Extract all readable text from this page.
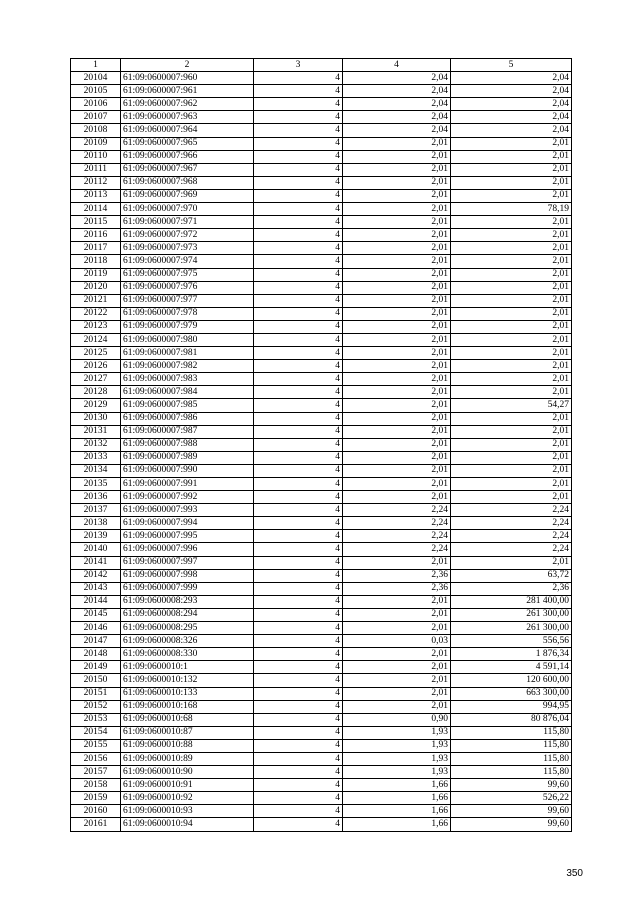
1	2	3	4	5
20104	61:09:0600007:960	4	2,04	2,04
20105	61:09:0600007:961	4	2,04	2,04
20106	61:09:0600007:962	4	2,04	2,04
20107	61:09:0600007:963	4	2,04	2,04
20108	61:09:0600007:964	4	2,04	2,04
20109	61:09:0600007:965	4	2,01	2,01
20110	61:09:0600007:966	4	2,01	2,01
20111	61:09:0600007:967	4	2,01	2,01
20112	61:09:0600007:968	4	2,01	2,01
20113	61:09:0600007:969	4	2,01	2,01
20114	61:09:0600007:970	4	2,01	78,19
20115	61:09:0600007:971	4	2,01	2,01
20116	61:09:0600007:972	4	2,01	2,01
20117	61:09:0600007:973	4	2,01	2,01
20118	61:09:0600007:974	4	2,01	2,01
20119	61:09:0600007:975	4	2,01	2,01
20120	61:09:0600007:976	4	2,01	2,01
20121	61:09:0600007:977	4	2,01	2,01
20122	61:09:0600007:978	4	2,01	2,01
20123	61:09:0600007:979	4	2,01	2,01
20124	61:09:0600007:980	4	2,01	2,01
20125	61:09:0600007:981	4	2,01	2,01
20126	61:09:0600007:982	4	2,01	2,01
20127	61:09:0600007:983	4	2,01	2,01
20128	61:09:0600007:984	4	2,01	2,01
20129	61:09:0600007:985	4	2,01	54,27
20130	61:09:0600007:986	4	2,01	2,01
20131	61:09:0600007:987	4	2,01	2,01
20132	61:09:0600007:988	4	2,01	2,01
20133	61:09:0600007:989	4	2,01	2,01
20134	61:09:0600007:990	4	2,01	2,01
20135	61:09:0600007:991	4	2,01	2,01
20136	61:09:0600007:992	4	2,01	2,01
20137	61:09:0600007:993	4	2,24	2,24
20138	61:09:0600007:994	4	2,24	2,24
20139	61:09:0600007:995	4	2,24	2,24
20140	61:09:0600007:996	4	2,24	2,24
20141	61:09:0600007:997	4	2,01	2,01
20142	61:09:0600007:998	4	2,36	63,72
20143	61:09:0600007:999	4	2,36	2,36
20144	61:09:0600008:293	4	2,01	281 400,00
20145	61:09:0600008:294	4	2,01	261 300,00
20146	61:09:0600008:295	4	2,01	261 300,00
20147	61:09:0600008:326	4	0,03	556,56
20148	61:09:0600008:330	4	2,01	1 876,34
20149	61:09:0600010:1	4	2,01	4 591,14
20150	61:09:0600010:132	4	2,01	120 600,00
20151	61:09:0600010:133	4	2,01	663 300,00
20152	61:09:0600010:168	4	2,01	994,95
20153	61:09:0600010:68	4	0,90	80 876,04
20154	61:09:0600010:87	4	1,93	115,80
20155	61:09:0600010:88	4	1,93	115,80
20156	61:09:0600010:89	4	1,93	115,80
20157	61:09:0600010:90	4	1,93	115,80
20158	61:09:0600010:91	4	1,66	99,60
20159	61:09:0600010:92	4	1,66	526,22
20160	61:09:0600010:93	4	1,66	99,60
20161	61:09:0600010:94	4	1,66	99,60
350
